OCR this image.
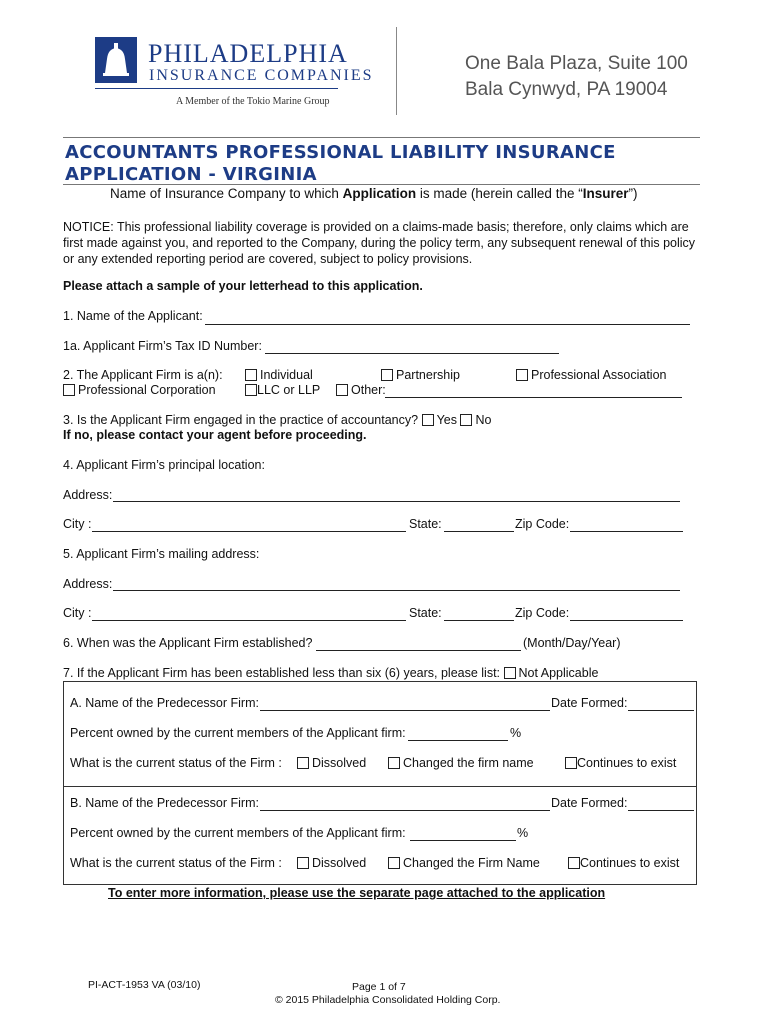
PHILADELPHIA
INSURANCE COMPANIES
A Member of the Tokio Marine Group
One Bala Plaza, Suite 100
Bala Cynwyd, PA 19004
ACCOUNTANTS PROFESSIONAL LIABILITY INSURANCE
APPLICATION - VIRGINIA
Name of Insurance Company to which Application is made (herein called the “Insurer”)
NOTICE: This professional liability coverage is provided on a claims-made basis; therefore, only claims which are first made against you, and reported to the Company, during the policy term, any subsequent renewal of this policy or any extended reporting period are covered, subject to policy provisions.
Please attach a sample of your letterhead to this application.
1. Name of the Applicant:
1a. Applicant Firm’s Tax ID Number:
2. The Applicant Firm is a(n):	Individual	Partnership	Professional Association
Professional Corporation	LLC or LLP	Other:
3. Is the Applicant Firm engaged in the practice of accountancy? Yes No
If no, please contact your agent before proceeding.
4. Applicant Firm’s principal location:
Address:
City :	State:	Zip Code:
5. Applicant Firm’s mailing address:
Address:
City :	State:	Zip Code:
6. When was the Applicant Firm established?	(Month/Day/Year)
7. If the Applicant Firm has been established less than six (6) years, please list: Not Applicable
A. Name of the Predecessor Firm:	Date Formed:
Percent owned by the current members of the Applicant firm:	%
What is the current status of the Firm :	Dissolved	Changed the firm name	Continues to exist
B. Name of the Predecessor Firm:	Date Formed:
Percent owned by the current members of the Applicant firm:	%
What is the current status of the Firm :	Dissolved	Changed the Firm Name	Continues to exist
To enter more information, please use the separate page attached to the application
PI-ACT-1953 VA (03/10)	Page 1 of 7
© 2015 Philadelphia Consolidated Holding Corp.
